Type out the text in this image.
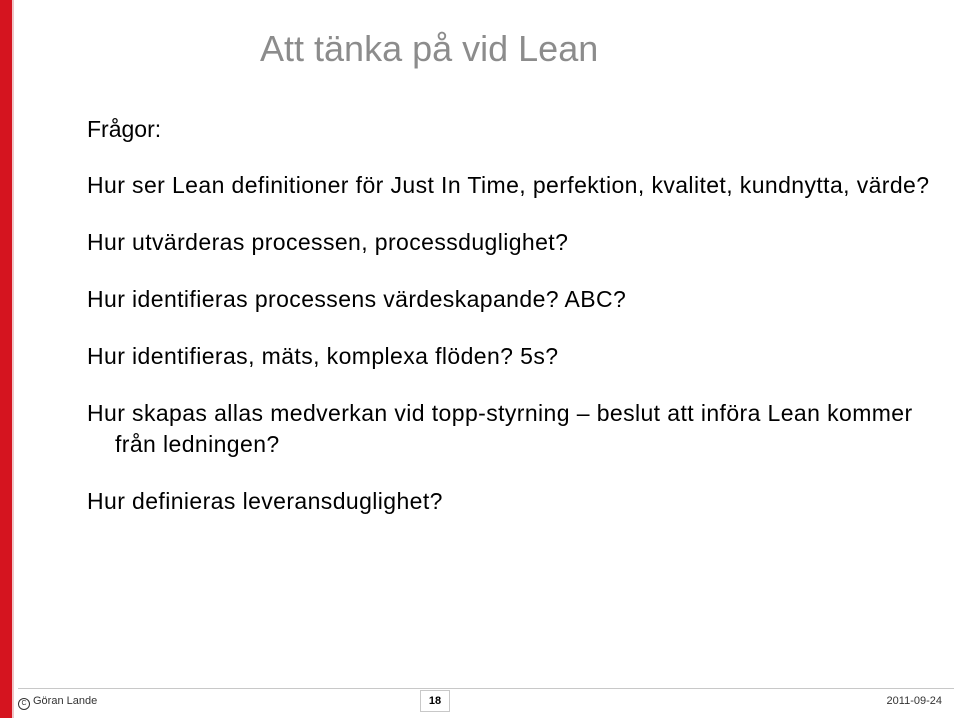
Att tänka på vid Lean
Frågor:
Hur ser Lean definitioner för Just In Time, perfektion, kvalitet, kundnytta, värde?
Hur utvärderas processen, processduglighet?
Hur identifieras processens värdeskapande? ABC?
Hur identifieras, mäts, komplexa flöden? 5s?
Hur skapas allas medverkan vid topp-styrning – beslut att införa Lean kommer från ledningen?
Hur definieras leveransduglighet?
C Göran Lande	18	2011-09-24
